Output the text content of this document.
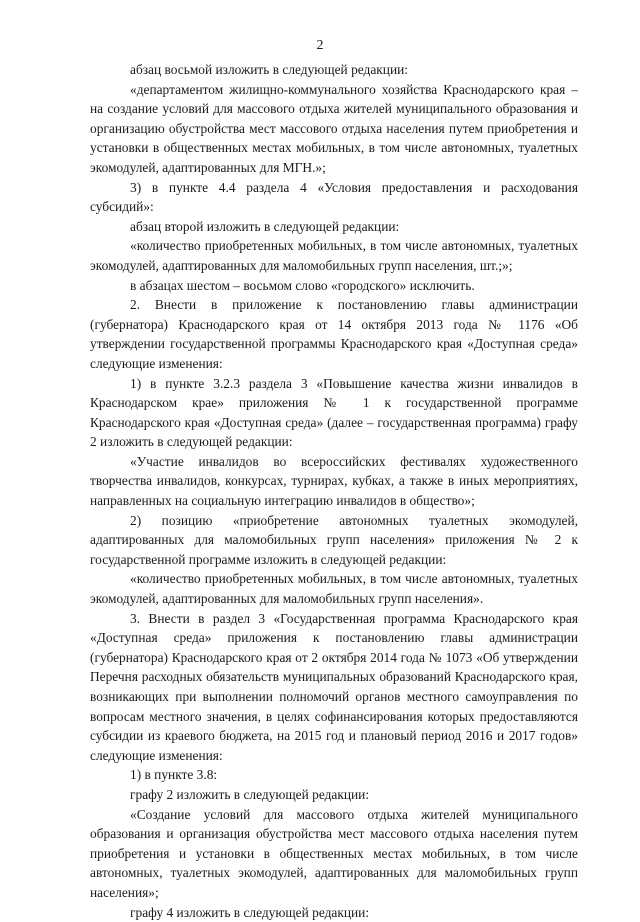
2

абзац восьмой изложить в следующей редакции:

«департаментом жилищно-коммунального хозяйства Краснодарского края – на создание условий для массового отдыха жителей муниципального образования и организацию обустройства мест массового отдыха населения путем приобретения и установки в общественных местах мобильных, в том числе автономных, туалетных экомодулей, адаптированных для МГН.»;

3) в пункте 4.4 раздела 4 «Условия предоставления и расходования субсидий»:

абзац второй изложить в следующей редакции:

«количество приобретенных мобильных, в том числе автономных, туалетных экомодулей, адаптированных для маломобильных групп населения, шт.;»;

в абзацах шестом – восьмом слово «городского» исключить.

2. Внести в приложение к постановлению главы администрации (губернатора) Краснодарского края от 14 октября 2013 года № 1176 «Об утверждении государственной программы Краснодарского края «Доступная среда» следующие изменения:

1) в пункте 3.2.3 раздела 3 «Повышение качества жизни инвалидов в Краснодарском крае» приложения № 1 к государственной программе Краснодарского края «Доступная среда» (далее – государственная программа) графу 2 изложить в следующей редакции:

«Участие инвалидов во всероссийских фестивалях художественного творчества инвалидов, конкурсах, турнирах, кубках, а также в иных мероприятиях, направленных на социальную интеграцию инвалидов в общество»;

2) позицию «приобретение автономных туалетных экомодулей, адаптированных для маломобильных групп населения» приложения № 2 к государственной программе изложить в следующей редакции:

«количество приобретенных мобильных, в том числе автономных, туалетных экомодулей, адаптированных для маломобильных групп населения».

3. Внести в раздел 3 «Государственная программа Краснодарского края «Доступная среда» приложения к постановлению главы администрации (губернатора) Краснодарского края от 2 октября 2014 года № 1073 «Об утверждении Перечня расходных обязательств муниципальных образований Краснодарского края, возникающих при выполнении полномочий органов местного самоуправления по вопросам местного значения, в целях софинансирования которых предоставляются субсидии из краевого бюджета, на 2015 год и плановый период 2016 и 2017 годов» следующие изменения:

1) в пункте 3.8:

графу 2 изложить в следующей редакции:

«Создание условий для массового отдыха жителей муниципального образования и организация обустройства мест массового отдыха населения путем приобретения и установки в общественных местах мобильных, в том числе автономных, туалетных экомодулей, адаптированных для маломобильных групп населения»;

графу 4 изложить в следующей редакции:
